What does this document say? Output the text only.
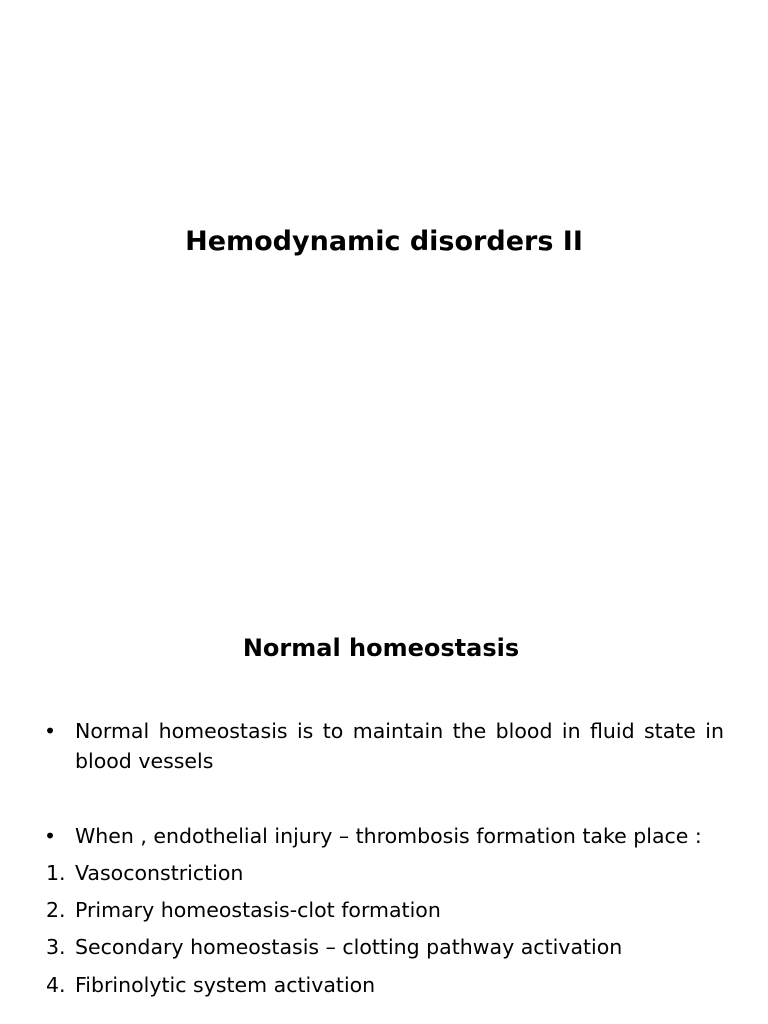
Hemodynamic disorders II
Normal homeostasis
• Normal homeostasis is to maintain the blood in fluid state in blood vessels
• When , endothelial injury – thrombosis formation take place :
1. Vasoconstriction
2. Primary homeostasis-clot formation
3. Secondary homeostasis – clotting pathway activation
4. Fibrinolytic system activation
